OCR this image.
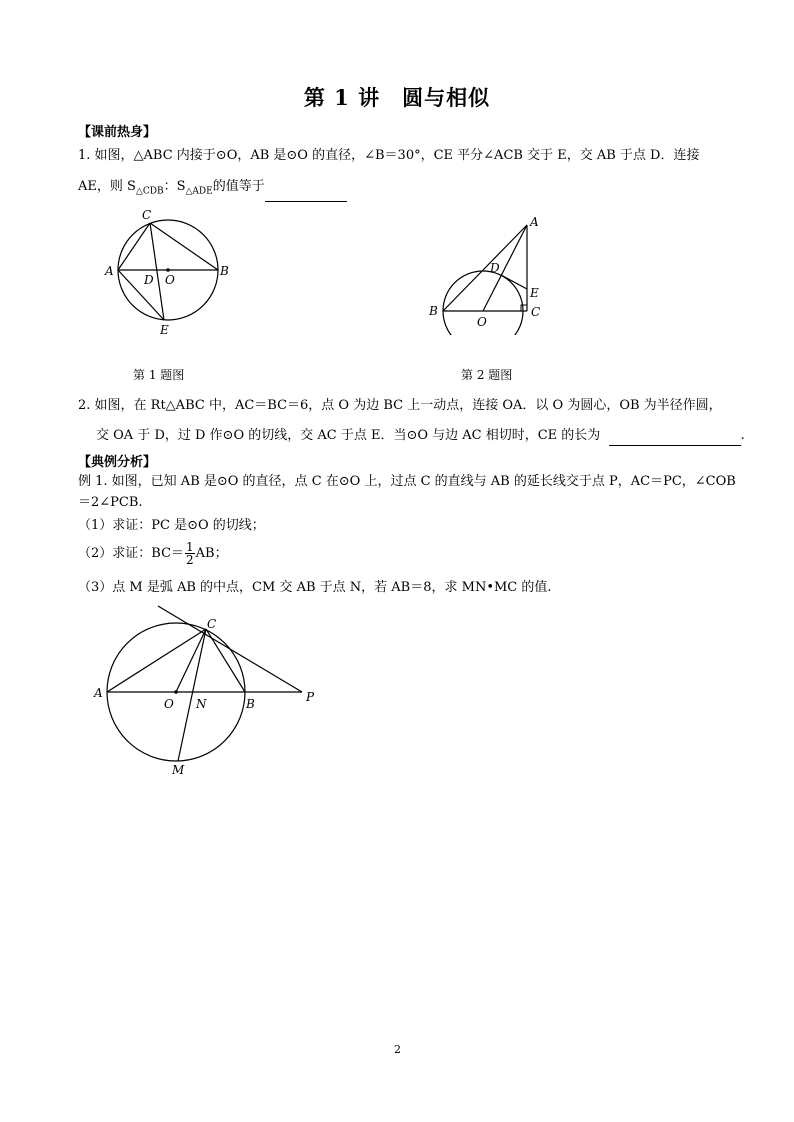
第 1 讲　圆与相似
【课前热身】
1. 如图，△ABC 内接于⊙O，AB 是⊙O 的直径，∠B＝30°，CE 平分∠ACB 交于 E，交 AB 于点 D．连接
AE，则 $S_{\triangle CDB}$：$S_{\triangle ADE}$的值等于
A	B
C
D O
E
第 1 题图
A
B	C
D
O
E
第 2 题图
2. 如图，在 Rt△ABC 中，AC＝BC＝6，点 O 为边 BC 上一动点，连接 OA．以 O 为圆心，OB 为半径作圆，
交 OA 于 D，过 D 作⊙O 的切线，交 AC 于点 E．当⊙O 与边 AC 相切时，CE 的长为	.
【典例分析】
例 1. 如图，已知 AB 是⊙O 的直径，点 C 在⊙O 上，过点 C 的直线与 AB 的延长线交于点 P，AC＝PC，∠COB
＝2∠PCB.
（1）求证：PC 是⊙O 的切线；
（2）求证：$BC= \frac{1}{2}$ AB；
（3）点 M 是弧 AB 的中点，CM 交 AB 于点 N，若 AB＝8，求 MN•MC 的值.
A
B
C
O N	P
M
2
